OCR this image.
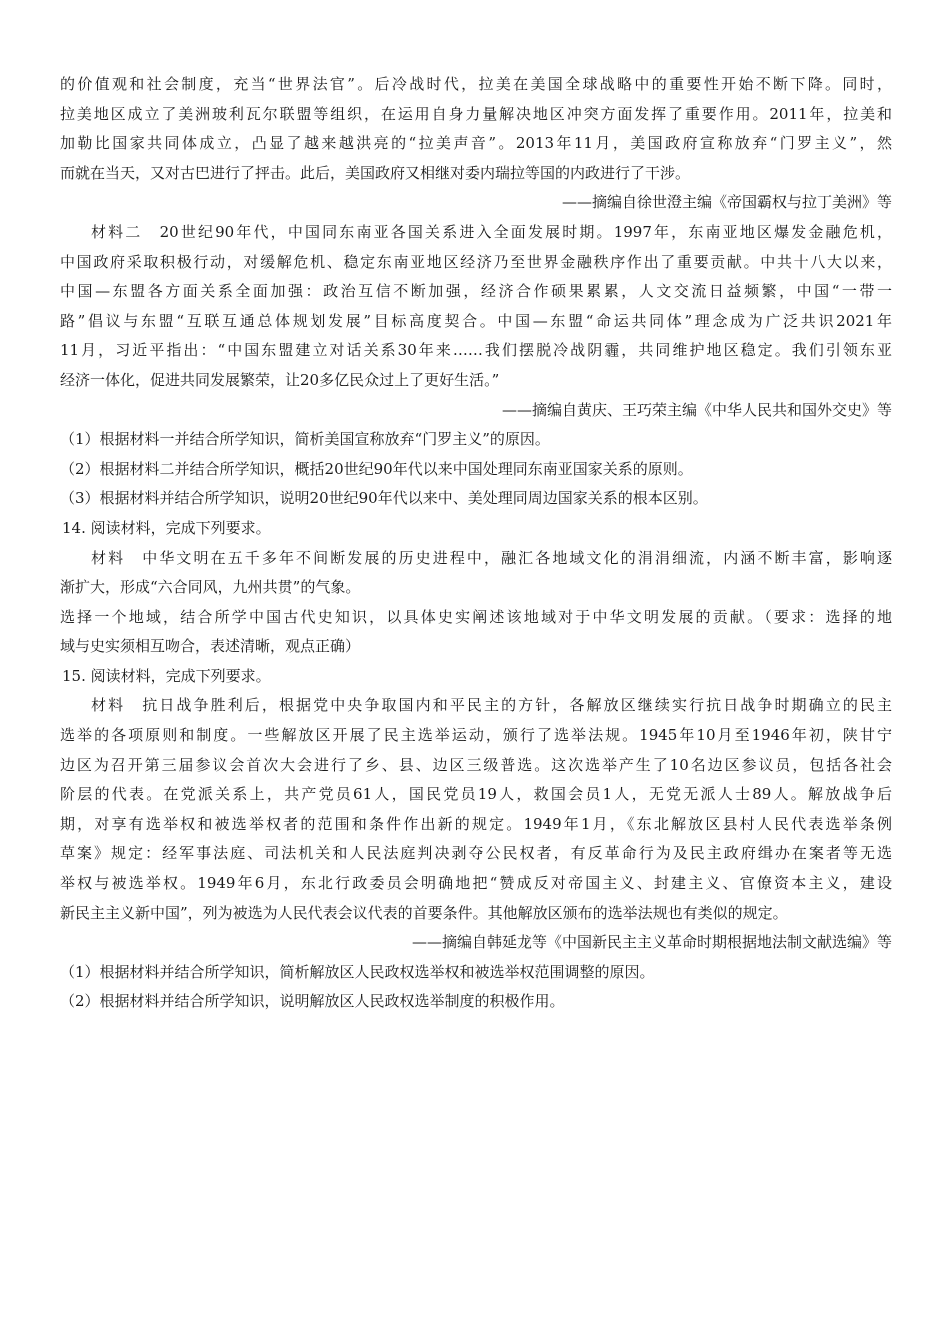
的价值观和社会制度，充当“世界法官”。后冷战时代，拉美在美国全球战略中的重要性开始不断下降。同时，
拉美地区成立了美洲玻利瓦尔联盟等组织，在运用自身力量解决地区冲突方面发挥了重要作用。2011年，拉美和
加勒比国家共同体成立，凸显了越来越洪亮的“拉美声音”。2013年11月，美国政府宣称放弃“门罗主义”，然
而就在当天，又对古巴进行了抨击。此后，美国政府又相继对委内瑞拉等国的内政进行了干涉。
——摘编自徐世澄主编《帝国霸权与拉丁美洲》等
材料二　20世纪90年代，中国同东南亚各国关系进入全面发展时期。1997年，东南亚地区爆发金融危机，
中国政府采取积极行动，对缓解危机、稳定东南亚地区经济乃至世界金融秩序作出了重要贡献。中共十八大以来，
中国—东盟各方面关系全面加强：政治互信不断加强，经济合作硕果累累，人文交流日益频繁，中国“一带一
路”倡议与东盟“互联互通总体规划发展”目标高度契合。中国—东盟“命运共同体”理念成为广泛共识2021年
11月，习近平指出：“中国东盟建立对话关系30年来……我们摆脱冷战阴霾，共同维护地区稳定。我们引领东亚
经济一体化，促进共同发展繁荣，让20多亿民众过上了更好生活。”
——摘编自黄庆、王巧荣主编《中华人民共和国外交史》等
（1）根据材料一并结合所学知识，简析美国宣称放弃“门罗主义”的原因。
（2）根据材料二并结合所学知识，概括20世纪90年代以来中国处理同东南亚国家关系的原则。
（3）根据材料并结合所学知识，说明20世纪90年代以来中、美处理同周边国家关系的根本区别。
14. 阅读材料，完成下列要求。
材料　中华文明在五千多年不间断发展的历史进程中，融汇各地域文化的涓涓细流，内涵不断丰富，影响逐
渐扩大，形成“六合同风，九州共贯”的气象。
选择一个地域，结合所学中国古代史知识，以具体史实阐述该地域对于中华文明发展的贡献。（要求：选择的地
域与史实须相互吻合，表述清晰，观点正确）
15. 阅读材料，完成下列要求。
材料　抗日战争胜利后，根据党中央争取国内和平民主的方针，各解放区继续实行抗日战争时期确立的民主
选举的各项原则和制度。一些解放区开展了民主选举运动，颁行了选举法规。1945年10月至1946年初，陕甘宁
边区为召开第三届参议会首次大会进行了乡、县、边区三级普选。这次选举产生了10名边区参议员，包括各社会
阶层的代表。在党派关系上，共产党员61人，国民党员19人，救国会员1人，无党无派人士89人。解放战争后
期，对享有选举权和被选举权者的范围和条件作出新的规定。1949年1月，《东北解放区县村人民代表选举条例
草案》规定：经军事法庭、司法机关和人民法庭判决剥夺公民权者，有反革命行为及民主政府缉办在案者等无选
举权与被选举权。1949年6月，东北行政委员会明确地把“赞成反对帝国主义、封建主义、官僚资本主义，建设
新民主主义新中国”，列为被选为人民代表会议代表的首要条件。其他解放区颁布的选举法规也有类似的规定。
——摘编自韩延龙等《中国新民主主义革命时期根据地法制文献选编》等
（1）根据材料并结合所学知识，简析解放区人民政权选举权和被选举权范围调整的原因。
（2）根据材料并结合所学知识，说明解放区人民政权选举制度的积极作用。
